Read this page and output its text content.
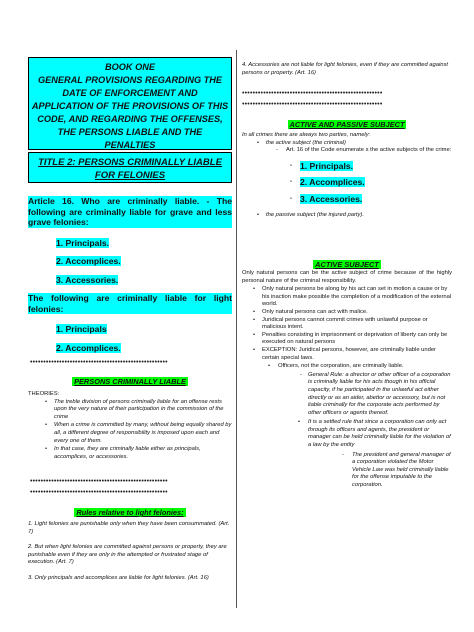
BOOK ONE
GENERAL PROVISIONS REGARDING THE
DATE OF ENFORCEMENT AND
APPLICATION OF THE PROVISIONS OF THIS
CODE, AND REGARDING THE OFFENSES,
THE PERSONS LIABLE AND THE PENALTIES
TITLE 2: PERSONS CRIMINALLY LIABLE FOR FELONIES
Article 16. Who are criminally liable. - The following are criminally liable for grave and less grave felonies:
1. Principals.
2. Accomplices.
3. Accessories.
The following are criminally liable for light felonies:
1. Principals
2. Accomplices.
••••••••••••••••••••••••••••••••••••••••••••••••••••
PERSONS CRIMINALLY LIABLE
THEORIES:
• The treble division of persons criminally liable for an offense rests upon the very nature of their participation in the commission of the crime
• When a crime is committed by many, without being equally shared by all, a different degree of responsibility is imposed upon each and every one of them.
• In that case, they are criminally liable either as principals, accomplices, or accessories.
••••••••••••••••••••••••••••••••••••••••••••••••••••
••••••••••••••••••••••••••••••••••••••••••••••••••••
Rules relative to light felonies:
1. Light felonies are punishable only when they have been consummated. (Art. 7)
2. But when light felonies are committed against persons or property, they are punishable even if they are only in the attempted or frustrated stage of execution. (Art. 7)
3. Only principals and accomplices are liable for light felonies. (Art. 16)
4. Accessories are not liable for light felonies, even if they are committed against persons or property. (Art. 16)
•••••••••••••••••••••••••••••••••••••••••••••••••••••
•••••••••••••••••••••••••••••••••••••••••••••••••••••
ACTIVE AND PASSIVE SUBJECT
In all crimes there are always two parties, namely:
• the active subject (the criminal)
- Art. 16 of the Code enumerate s the active subjects of the crime:
- 1. Principals.
- 2. Accomplices.
- 3. Accessories.
• the passive subject (the injured party).
ACTIVE SUBJECT
Only natural persons can be the active subject of crime because of the highly personal nature of the criminal responsibility.
• Only natural persons be along by his act can set in motion a cause or by his inaction make possible the completion of a modification of the external world.
• Only natural persons can act with malice.
• Juridical persons cannot commit crimes with unlawful purpose or malicious intent.
• Penalties consisting in imprisonment or deprivation of liberty can only be executed on natural persons
• EXCEPTION: Juridical persons, however, are criminally liable under certain special laws.
• Officers, not the corporation, are criminally liable.
- General Rule: a director or other officer of a corporation is criminally liable for his acts though in his official capacity, if he participated in the unlawful act either directly or as an aider, abettor or accessory, but is not liable criminally for the corporate acts performed by other officers or agents thereof.
• It is a settled rule that since a corporation can only act through its officers and agents, the president or manager can be held criminally liable for the violation of a law by the entity
- The president and general manager of a corporation violated the Motor Vehicle Law was held criminally liable for the offense imputable to the corporation.
